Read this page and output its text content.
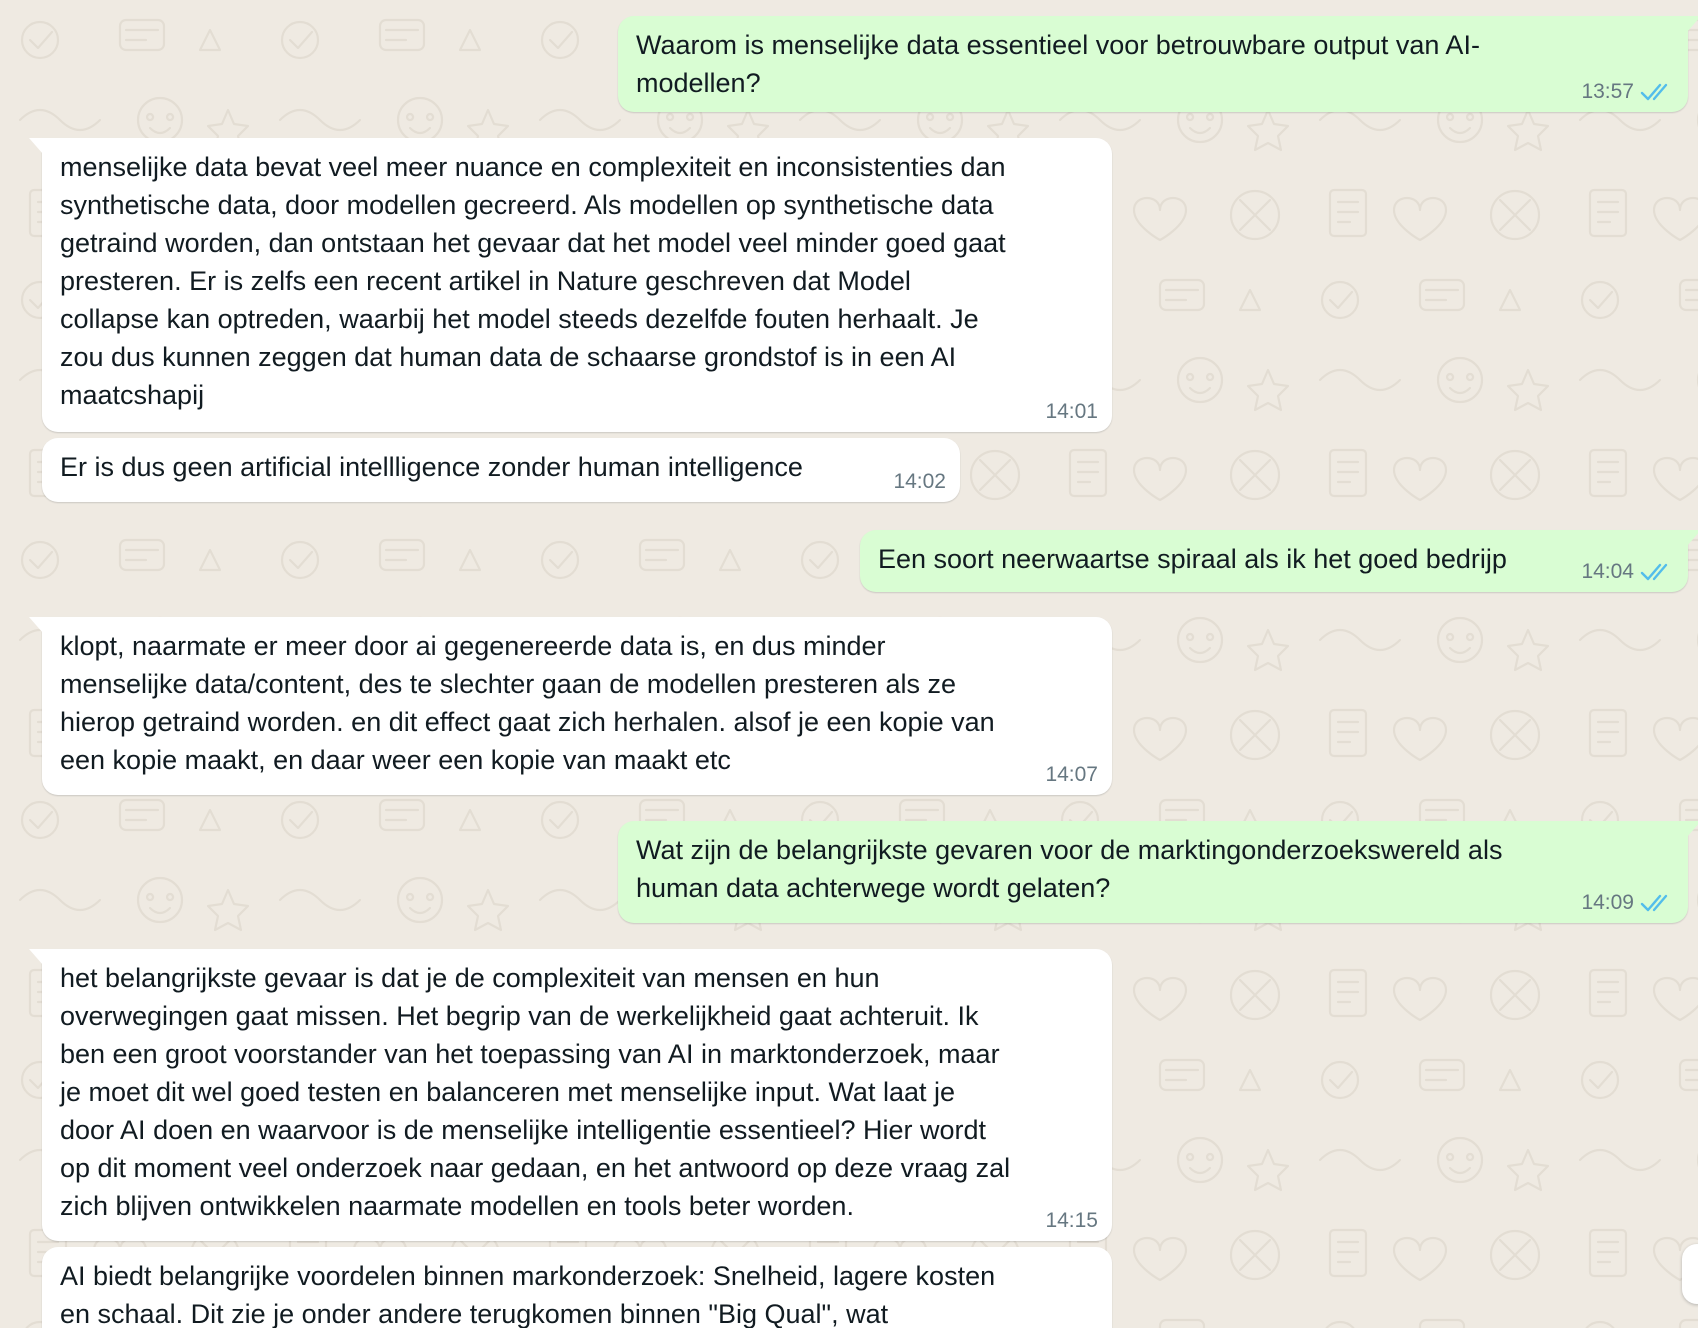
Waarom is menselijke data essentieel voor betrouwbare output van AI-
modellen?	13:57
menselijke data bevat veel meer nuance en complexiteit en inconsistenties dan
synthetische data, door modellen gecreerd. Als modellen op synthetische data
getraind worden, dan ontstaan het gevaar dat het model veel minder goed gaat
presteren. Er is zelfs een recent artikel in Nature geschreven dat Model
collapse kan optreden, waarbij het model steeds dezelfde fouten herhaalt. Je
zou dus kunnen zeggen dat human data de schaarse grondstof is in een AI
maatcshapij
14:01
Er is dus geen artificial intellligence zonder human intelligence	14:02
Een soort neerwaartse spiraal als ik het goed bedrijp	14:04
klopt, naarmate er meer door ai gegenereerde data is, en dus minder
menselijke data/content, des te slechter gaan de modellen presteren als ze
hierop getraind worden. en dit effect gaat zich herhalen. alsof je een kopie van
een kopie maakt, en daar weer een kopie van maakt etc	14:07
Wat zijn de belangrijkste gevaren voor de marktingonderzoekswereld als
human data achterwege wordt gelaten?	14:09
het belangrijkste gevaar is dat je de complexiteit van mensen en hun
overwegingen gaat missen. Het begrip van de werkelijkheid gaat achteruit. Ik
ben een groot voorstander van het toepassing van AI in marktonderzoek, maar
je moet dit wel goed testen en balanceren met menselijke input. Wat laat je
door AI doen en waarvoor is de menselijke intelligentie essentieel? Hier wordt
op dit moment veel onderzoek naar gedaan, en het antwoord op deze vraag zal
zich blijven ontwikkelen naarmate modellen en tools beter worden.	14:15
AI biedt belangrijke voordelen binnen markonderzoek: Snelheid, lagere kosten
en schaal. Dit zie je onder andere terugkomen binnen "Big Qual", wat
